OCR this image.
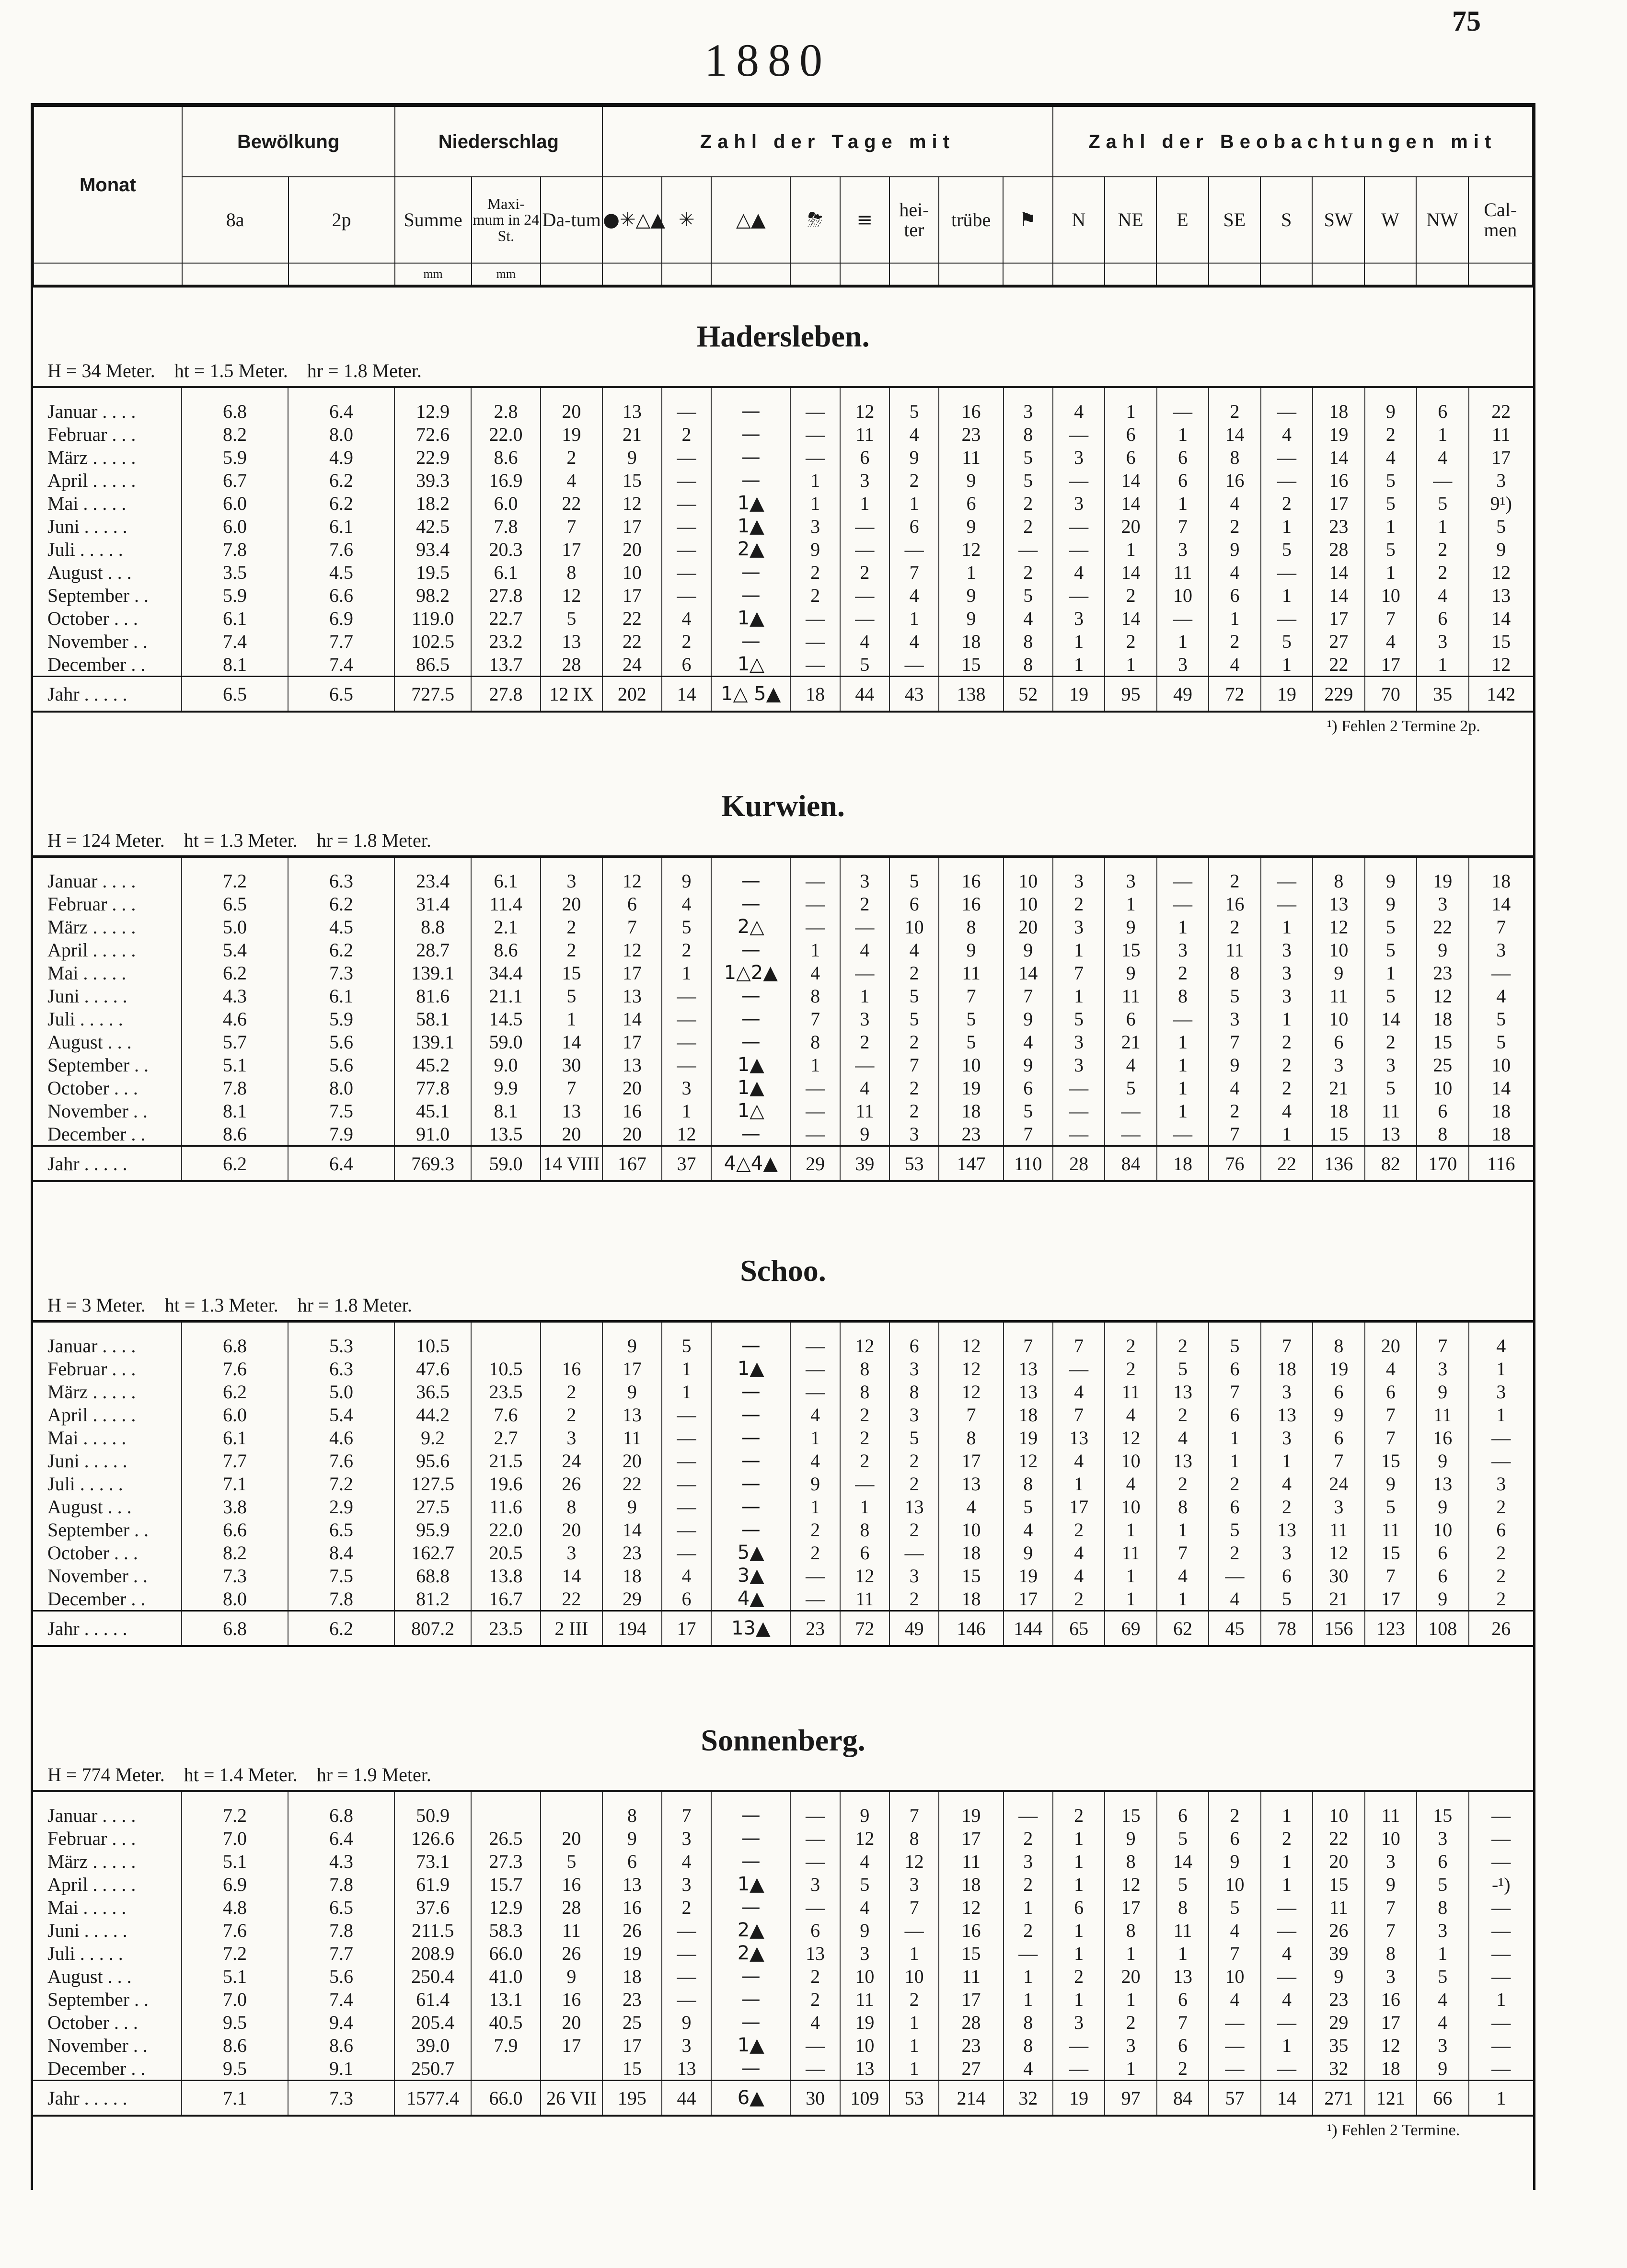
75
1880
Monat	Bewölkung		Niederschlag			Zahl der Tage mit								Zahl der Beobachtungen mit								
	8a	2p	Summe	Maxi-mum in 24 St.	Da-tum	●✳△▲	✳	△▲	⛈	≡	hei-ter	trübe	⚑	N	NE	E	SE	S	SW	W	NW	Cal-men
			mm	mm																		
Hadersleben.
H = 34 Meter.    ht = 1.5 Meter.    hr = 1.8 Meter.

Januar . . . .	6.8	6.4	12.9	2.8	20	13	—	—	—	12	5	16	3	4	1	—	2	—	18	9	6	22
Februar . . .	8.2	8.0	72.6	22.0	19	21	2	—	—	11	4	23	8	—	6	1	14	4	19	2	1	11
März . . . . .	5.9	4.9	22.9	8.6	2	9	—	—	—	6	9	11	5	3	6	6	8	—	14	4	4	17
April . . . . .	6.7	6.2	39.3	16.9	4	15	—	—	1	3	2	9	5	—	14	6	16	—	16	5	—	3
Mai . . . . .	6.0	6.2	18.2	6.0	22	12	—	1▲	1	1	1	6	2	3	14	1	4	2	17	5	5	9¹)
Juni . . . . .	6.0	6.1	42.5	7.8	7	17	—	1▲	3	—	6	9	2	—	20	7	2	1	23	1	1	5
Juli . . . . .	7.8	7.6	93.4	20.3	17	20	—	2▲	9	—	—	12	—	—	1	3	9	5	28	5	2	9
August . . .	3.5	4.5	19.5	6.1	8	10	—	—	2	2	7	1	2	4	14	11	4	—	14	1	2	12
September . .	5.9	6.6	98.2	27.8	12	17	—	—	2	—	4	9	5	—	2	10	6	1	14	10	4	13
October . . .	6.1	6.9	119.0	22.7	5	22	4	1▲	—	—	1	9	4	3	14	—	1	—	17	7	6	14
November . .	7.4	7.7	102.5	23.2	13	22	2	—	—	4	4	18	8	1	2	1	2	5	27	4	3	15
December . .	8.1	7.4	86.5	13.7	28	24	6	1△	—	5	—	15	8	1	1	3	4	1	22	17	1	12
Jahr . . . . .	6.5	6.5	727.5	27.8	12 IX	202	14	1△ 5▲	18	44	43	138	52	19	95	49	72	19	229	70	35	142
¹) Fehlen 2 Termine 2p.
Kurwien.
H = 124 Meter.    ht = 1.3 Meter.    hr = 1.8 Meter.

Januar . . . .	7.2	6.3	23.4	6.1	3	12	9	—	—	3	5	16	10	3	3	—	2	—	8	9	19	18
Februar . . .	6.5	6.2	31.4	11.4	20	6	4	—	—	2	6	16	10	2	1	—	16	—	13	9	3	14
März . . . . .	5.0	4.5	8.8	2.1	2	7	5	2△	—	—	10	8	20	3	9	1	2	1	12	5	22	7
April . . . . .	5.4	6.2	28.7	8.6	2	12	2	—	1	4	4	9	9	1	15	3	11	3	10	5	9	3
Mai . . . . .	6.2	7.3	139.1	34.4	15	17	1	1△2▲	4	—	2	11	14	7	9	2	8	3	9	1	23	—
Juni . . . . .	4.3	6.1	81.6	21.1	5	13	—	—	8	1	5	7	7	1	11	8	5	3	11	5	12	4
Juli . . . . .	4.6	5.9	58.1	14.5	1	14	—	—	7	3	5	5	9	5	6	—	3	1	10	14	18	5
August . . .	5.7	5.6	139.1	59.0	14	17	—	—	8	2	2	5	4	3	21	1	7	2	6	2	15	5
September . .	5.1	5.6	45.2	9.0	30	13	—	1▲	1	—	7	10	9	3	4	1	9	2	3	3	25	10
October . . .	7.8	8.0	77.8	9.9	7	20	3	1▲	—	4	2	19	6	—	5	1	4	2	21	5	10	14
November . .	8.1	7.5	45.1	8.1	13	16	1	1△	—	11	2	18	5	—	—	1	2	4	18	11	6	18
December . .	8.6	7.9	91.0	13.5	20	20	12	—	—	9	3	23	7	—	—	—	7	1	15	13	8	18
Jahr . . . . .	6.2	6.4	769.3	59.0	14 VIII	167	37	4△4▲	29	39	53	147	110	28	84	18	76	22	136	82	170	116
Schoo.
H = 3 Meter.    ht = 1.3 Meter.    hr = 1.8 Meter.

Januar . . . .	6.8	5.3	10.5			9	5	—	—	12	6	12	7	7	2	2	5	7	8	20	7	4
Februar . . .	7.6	6.3	47.6	10.5	16	17	1	1▲	—	8	3	12	13	—	2	5	6	18	19	4	3	1
März . . . . .	6.2	5.0	36.5	23.5	2	9	1	—	—	8	8	12	13	4	11	13	7	3	6	6	9	3
April . . . . .	6.0	5.4	44.2	7.6	2	13	—	—	4	2	3	7	18	7	4	2	6	13	9	7	11	1
Mai . . . . .	6.1	4.6	9.2	2.7	3	11	—	—	1	2	5	8	19	13	12	4	1	3	6	7	16	—
Juni . . . . .	7.7	7.6	95.6	21.5	24	20	—	—	4	2	2	17	12	4	10	13	1	1	7	15	9	—
Juli . . . . .	7.1	7.2	127.5	19.6	26	22	—	—	9	—	2	13	8	1	4	2	2	4	24	9	13	3
August . . .	3.8	2.9	27.5	11.6	8	9	—	—	1	1	13	4	5	17	10	8	6	2	3	5	9	2
September . .	6.6	6.5	95.9	22.0	20	14	—	—	2	8	2	10	4	2	1	1	5	13	11	11	10	6
October . . .	8.2	8.4	162.7	20.5	3	23	—	5▲	2	6	—	18	9	4	11	7	2	3	12	15	6	2
November . .	7.3	7.5	68.8	13.8	14	18	4	3▲	—	12	3	15	19	4	1	4	—	6	30	7	6	2
December . .	8.0	7.8	81.2	16.7	22	29	6	4▲	—	11	2	18	17	2	1	1	4	5	21	17	9	2
Jahr . . . . .	6.8	6.2	807.2	23.5	2 III	194	17	13▲	23	72	49	146	144	65	69	62	45	78	156	123	108	26
Sonnenberg.
H = 774 Meter.    ht = 1.4 Meter.    hr = 1.9 Meter.

Januar . . . .	7.2	6.8	50.9			8	7	—	—	9	7	19	—	2	15	6	2	1	10	11	15	—
Februar . . .	7.0	6.4	126.6	26.5	20	9	3	—	—	12	8	17	2	1	9	5	6	2	22	10	3	—
März . . . . .	5.1	4.3	73.1	27.3	5	6	4	—	—	4	12	11	3	1	8	14	9	1	20	3	6	—
April . . . . .	6.9	7.8	61.9	15.7	16	13	3	1▲	3	5	3	18	2	1	12	5	10	1	15	9	5	-¹)
Mai . . . . .	4.8	6.5	37.6	12.9	28	16	2	—	—	4	7	12	1	6	17	8	5	—	11	7	8	—
Juni . . . . .	7.6	7.8	211.5	58.3	11	26	—	2▲	6	9	—	16	2	1	8	11	4	—	26	7	3	—
Juli . . . . .	7.2	7.7	208.9	66.0	26	19	—	2▲	13	3	1	15	—	1	1	1	7	4	39	8	1	—
August . . .	5.1	5.6	250.4	41.0	9	18	—	—	2	10	10	11	1	2	20	13	10	—	9	3	5	—
September . .	7.0	7.4	61.4	13.1	16	23	—	—	2	11	2	17	1	1	1	6	4	4	23	16	4	1
October . . .	9.5	9.4	205.4	40.5	20	25	9	—	4	19	1	28	8	3	2	7	—	—	29	17	4	—
November . .	8.6	8.6	39.0	7.9	17	17	3	1▲	—	10	1	23	8	—	3	6	—	1	35	12	3	—
December . .	9.5	9.1	250.7			15	13	—	—	13	1	27	4	—	1	2	—	—	32	18	9	—
Jahr . . . . .	7.1	7.3	1577.4	66.0	26 VII	195	44	6▲	30	109	53	214	32	19	97	84	57	14	271	121	66	1
¹) Fehlen 2 Termine.
